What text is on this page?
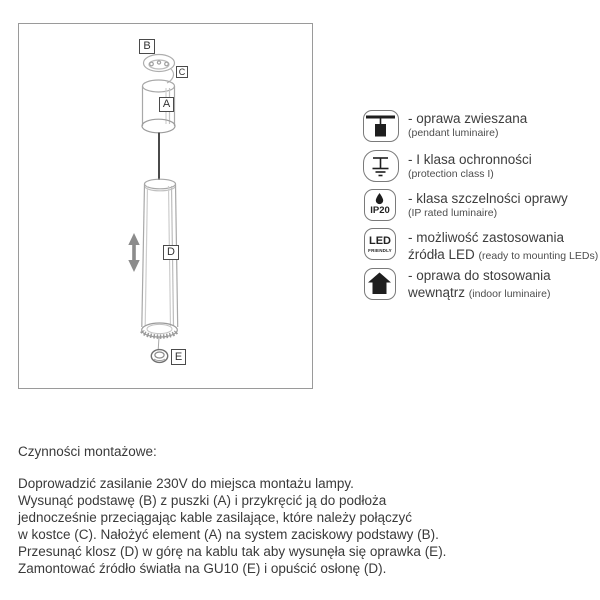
B
C
A
D
E
- oprawa zwieszana
(pendant luminaire)
- I klasa ochronności
(protection class I)
IP20
- klasa szczelności oprawy
(IP rated luminaire)
LED
FRIENDLY
- możliwość zastosowania
źródła LED (ready to mounting LEDs)
- oprawa do stosowania
wewnątrz (indoor luminaire)
Czynności montażowe:
Doprowadzić zasilanie 230V do miejsca montażu lampy.
Wysunąć podstawę (B) z puszki (A) i przykręcić ją do podłoża
jednocześnie przeciągając kable zasilające, które należy połączyć
w kostce (C). Nałożyć element (A) na system zaciskowy podstawy (B).
Przesunąć klosz (D) w górę na kablu tak aby wysunęła się oprawka (E).
Zamontować źródło światła na GU10 (E) i opuścić osłonę (D).
